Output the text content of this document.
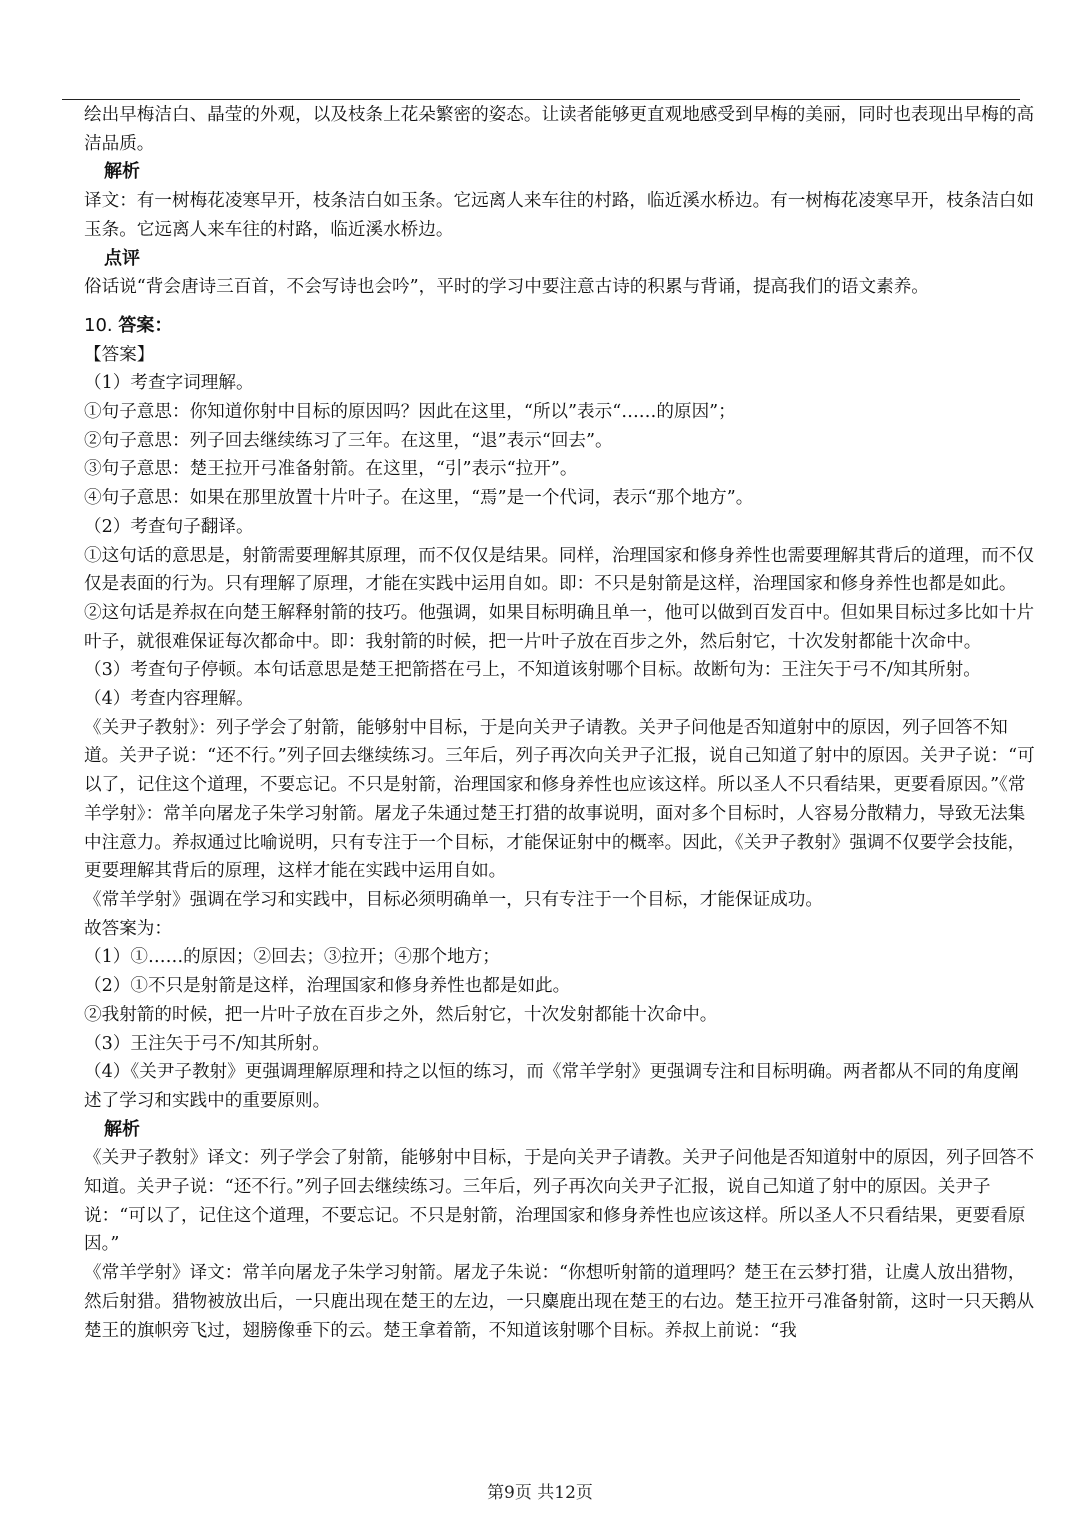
绘出早梅洁白、晶莹的外观，以及枝条上花朵繁密的姿态。让读者能够更直观地感受到早梅的美丽，同时也表现出早梅的高洁品质。

解析

译文：有一树梅花凌寒早开，枝条洁白如玉条。它远离人来车往的村路，临近溪水桥边。有一树梅花凌寒早开，枝条洁白如玉条。它远离人来车往的村路，临近溪水桥边。

点评

俗话说“背会唐诗三百首，不会写诗也会吟”，平时的学习中要注意古诗的积累与背诵，提高我们的语文素养。

10. 答案：

【答案】

（1）考查字词理解。

①句子意思：你知道你射中目标的原因吗？因此在这里，“所以”表示“……的原因”；

②句子意思：列子回去继续练习了三年。在这里，“退”表示“回去”。

③句子意思：楚王拉开弓准备射箭。在这里，“引”表示“拉开”。

④句子意思：如果在那里放置十片叶子。在这里，“焉”是一个代词，表示“那个地方”。

（2）考查句子翻译。

①这句话的意思是，射箭需要理解其原理，而不仅仅是结果。同样，治理国家和修身养性也需要理解其背后的道理，而不仅仅是表面的行为。只有理解了原理，才能在实践中运用自如。即：不只是射箭是这样，治理国家和修身养性也都是如此。

②这句话是养叔在向楚王解释射箭的技巧。他强调，如果目标明确且单一，他可以做到百发百中。但如果目标过多比如十片叶子，就很难保证每次都命中。即：我射箭的时候，把一片叶子放在百步之外，然后射它，十次发射都能十次命中。

（3）考查句子停顿。本句话意思是楚王把箭搭在弓上，不知道该射哪个目标。故断句为：王注矢于弓不/知其所射。

（4）考查内容理解。

《关尹子教射》：列子学会了射箭，能够射中目标，于是向关尹子请教。关尹子问他是否知道射中的原因，列子回答不知道。关尹子说：“还不行。”列子回去继续练习。三年后，列子再次向关尹子汇报，说自己知道了射中的原因。关尹子说：“可以了，记住这个道理，不要忘记。不只是射箭，治理国家和修身养性也应该这样。所以圣人不只看结果，更要看原因。”《常羊学射》：常羊向屠龙子朱学习射箭。屠龙子朱通过楚王打猎的故事说明，面对多个目标时，人容易分散精力，导致无法集中注意力。养叔通过比喻说明，只有专注于一个目标，才能保证射中的概率。因此，《关尹子教射》强调不仅要学会技能，更要理解其背后的原理，这样才能在实践中运用自如。

《常羊学射》强调在学习和实践中，目标必须明确单一，只有专注于一个目标，才能保证成功。

故答案为：

（1）①……的原因；②回去；③拉开；④那个地方；

（2）①不只是射箭是这样，治理国家和修身养性也都是如此。

②我射箭的时候，把一片叶子放在百步之外，然后射它，十次发射都能十次命中。

（3）王注矢于弓不/知其所射。

（4）《关尹子教射》更强调理解原理和持之以恒的练习，而《常羊学射》更强调专注和目标明确。两者都从不同的角度阐述了学习和实践中的重要原则。

解析

《关尹子教射》译文：列子学会了射箭，能够射中目标，于是向关尹子请教。关尹子问他是否知道射中的原因，列子回答不知道。关尹子说：“还不行。”列子回去继续练习。三年后，列子再次向关尹子汇报，说自己知道了射中的原因。关尹子说：“可以了，记住这个道理，不要忘记。不只是射箭，治理国家和修身养性也应该这样。所以圣人不只看结果，更要看原因。”

《常羊学射》译文：常羊向屠龙子朱学习射箭。屠龙子朱说：“你想听射箭的道理吗？楚王在云梦打猎，让虞人放出猎物，然后射猎。猎物被放出后，一只鹿出现在楚王的左边，一只麋鹿出现在楚王的右边。楚王拉开弓准备射箭，这时一只天鹅从楚王的旗帜旁飞过，翅膀像垂下的云。楚王拿着箭，不知道该射哪个目标。养叔上前说：“我

第9页 共12页
